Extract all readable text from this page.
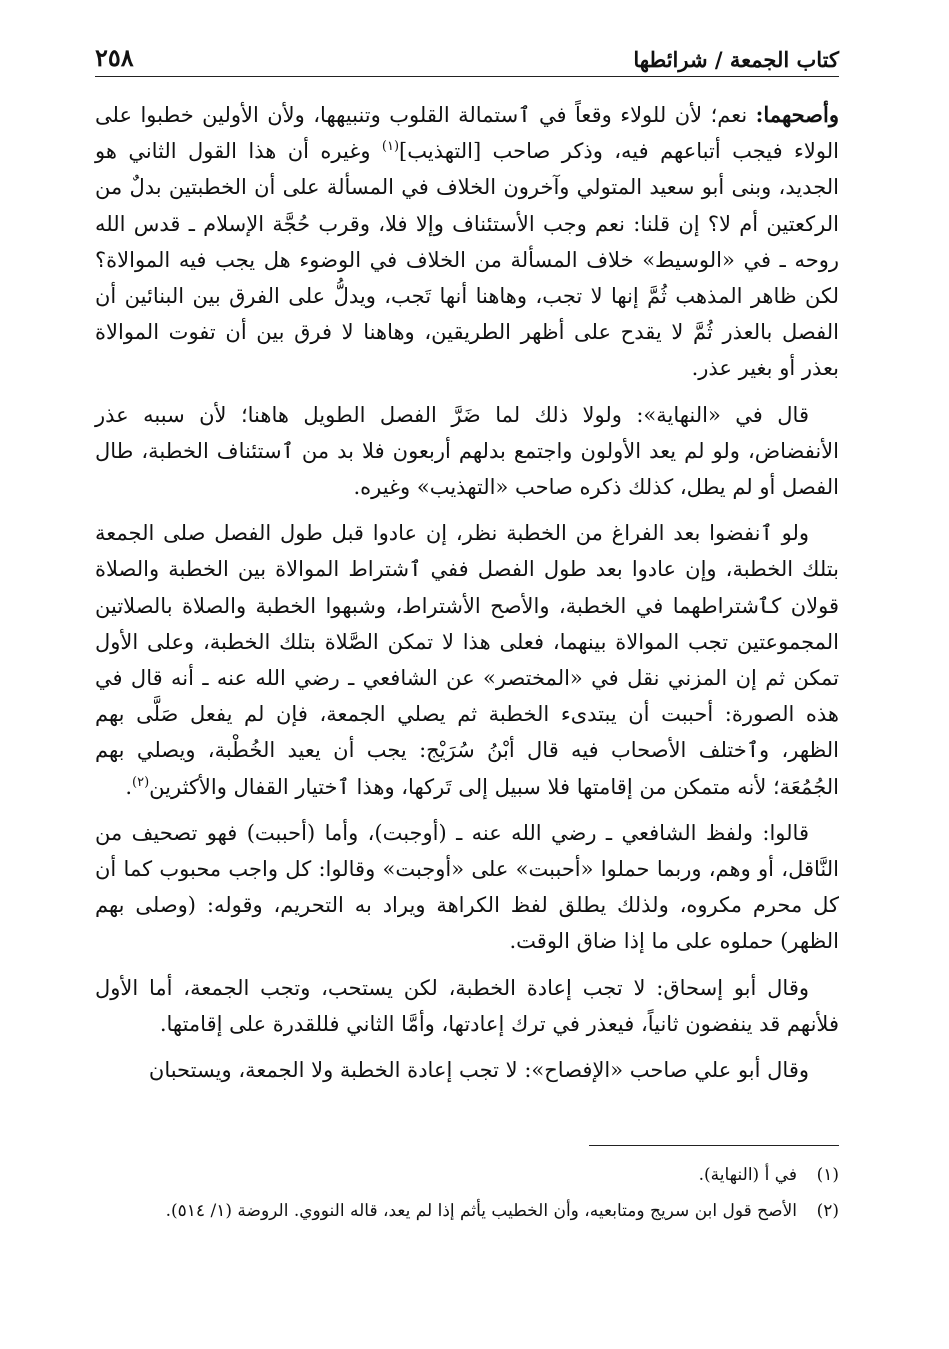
كتاب الجمعة / شرائطها
٢٥٨

وأصحهما: نعم؛ لأن للولاء وقعاً في ٱستمالة القلوب وتنبيهها، ولأن الأولين خطبوا على الولاء فيجب أتباعهم فيه، وذكر صاحب [التهذيب]$^{(١)}$ وغيره أن هذا القول الثاني هو الجديد، وبنى أبو سعيد المتولي وآخرون الخلاف في المسألة على أن الخطبتين بدلٌ من الركعتين أم لا؟ إن قلنا: نعم وجب الأستئناف وإلا فلا، وقرب حُجَّة الإسلام ـ قدس الله روحه ـ في «الوسيط» خلاف المسألة من الخلاف في الوضوء هل يجب فيه الموالاة؟ لكن ظاهر المذهب ثُمَّ إنها لا تجب، وهاهنا أنها تَجب، ويدلُّ على الفرق بين البنائين أن الفصل بالعذر ثُمَّ لا يقدح على أظهر الطريقين، وهاهنا لا فرق بين أن تفوت الموالاة بعذر أو بغير عذر.

قال في «النهاية»: ولولا ذلك لما ضَرَّ الفصل الطويل هاهنا؛ لأن سببه عذر الأنفضاض، ولو لم يعد الأولون واجتمع بدلهم أربعون فلا بد من ٱستئناف الخطبة، طال الفصل أو لم يطل، كذلك ذكره صاحب «التهذيب» وغيره.

ولو ٱنفضوا بعد الفراغ من الخطبة نظر، إن عادوا قبل طول الفصل صلى الجمعة بتلك الخطبة، وإن عادوا بعد طول الفصل ففي ٱشتراط الموالاة بين الخطبة والصلاة قولان كٱشتراطهما في الخطبة، والأصح الأشتراط، وشبهوا الخطبة والصلاة بالصلاتين المجموعتين تجب الموالاة بينهما، فعلى هذا لا تمكن الصَّلاة بتلك الخطبة، وعلى الأول تمكن ثم إن المزني نقل في «المختصر» عن الشافعي ـ رضي الله عنه ـ أنه قال في هذه الصورة: أحببت أن يبتدىء الخطبة ثم يصلي الجمعة، فإن لم يفعل صَلَّى بهم الظهر، وٱختلف الأصحاب فيه قال أبْنُ سُرَيْج: يجب أن يعيد الخُطْبة، ويصلي بهم الجُمُعَة؛ لأنه متمكن من إقامتها فلا سبيل إلى تَركها، وهذا ٱختيار القفال والأكثرين$^{(٢)}$.

قالوا: ولفظ الشافعي ـ رضي الله عنه ـ (أوجبت)، وأما (أحببت) فهو تصحيف من النَّاقل، أو وهم، وربما حملوا «أحببت» على «أوجبت» وقالوا: كل واجب محبوب كما أن كل محرم مكروه، ولذلك يطلق لفظ الكراهة ويراد به التحريم، وقوله: (وصلى بهم الظهر) حملوه على ما إذا ضاق الوقت.

وقال أبو إسحاق: لا تجب إعادة الخطبة، لكن يستحب، وتجب الجمعة، أما الأول فلأنهم قد ينفضون ثانياً، فيعذر في ترك إعادتها، وأمَّا الثاني فللقدرة على إقامتها.

وقال أبو علي صاحب «الإفصاح»: لا تجب إعادة الخطبة ولا الجمعة، ويستحبان

(١)
في أ (النهاية).
(٢)
الأصح قول ابن سريج ومتابعيه، وأن الخطيب يأثم إذا لم يعد، قاله النووي. الروضة (١/ ٥١٤).
